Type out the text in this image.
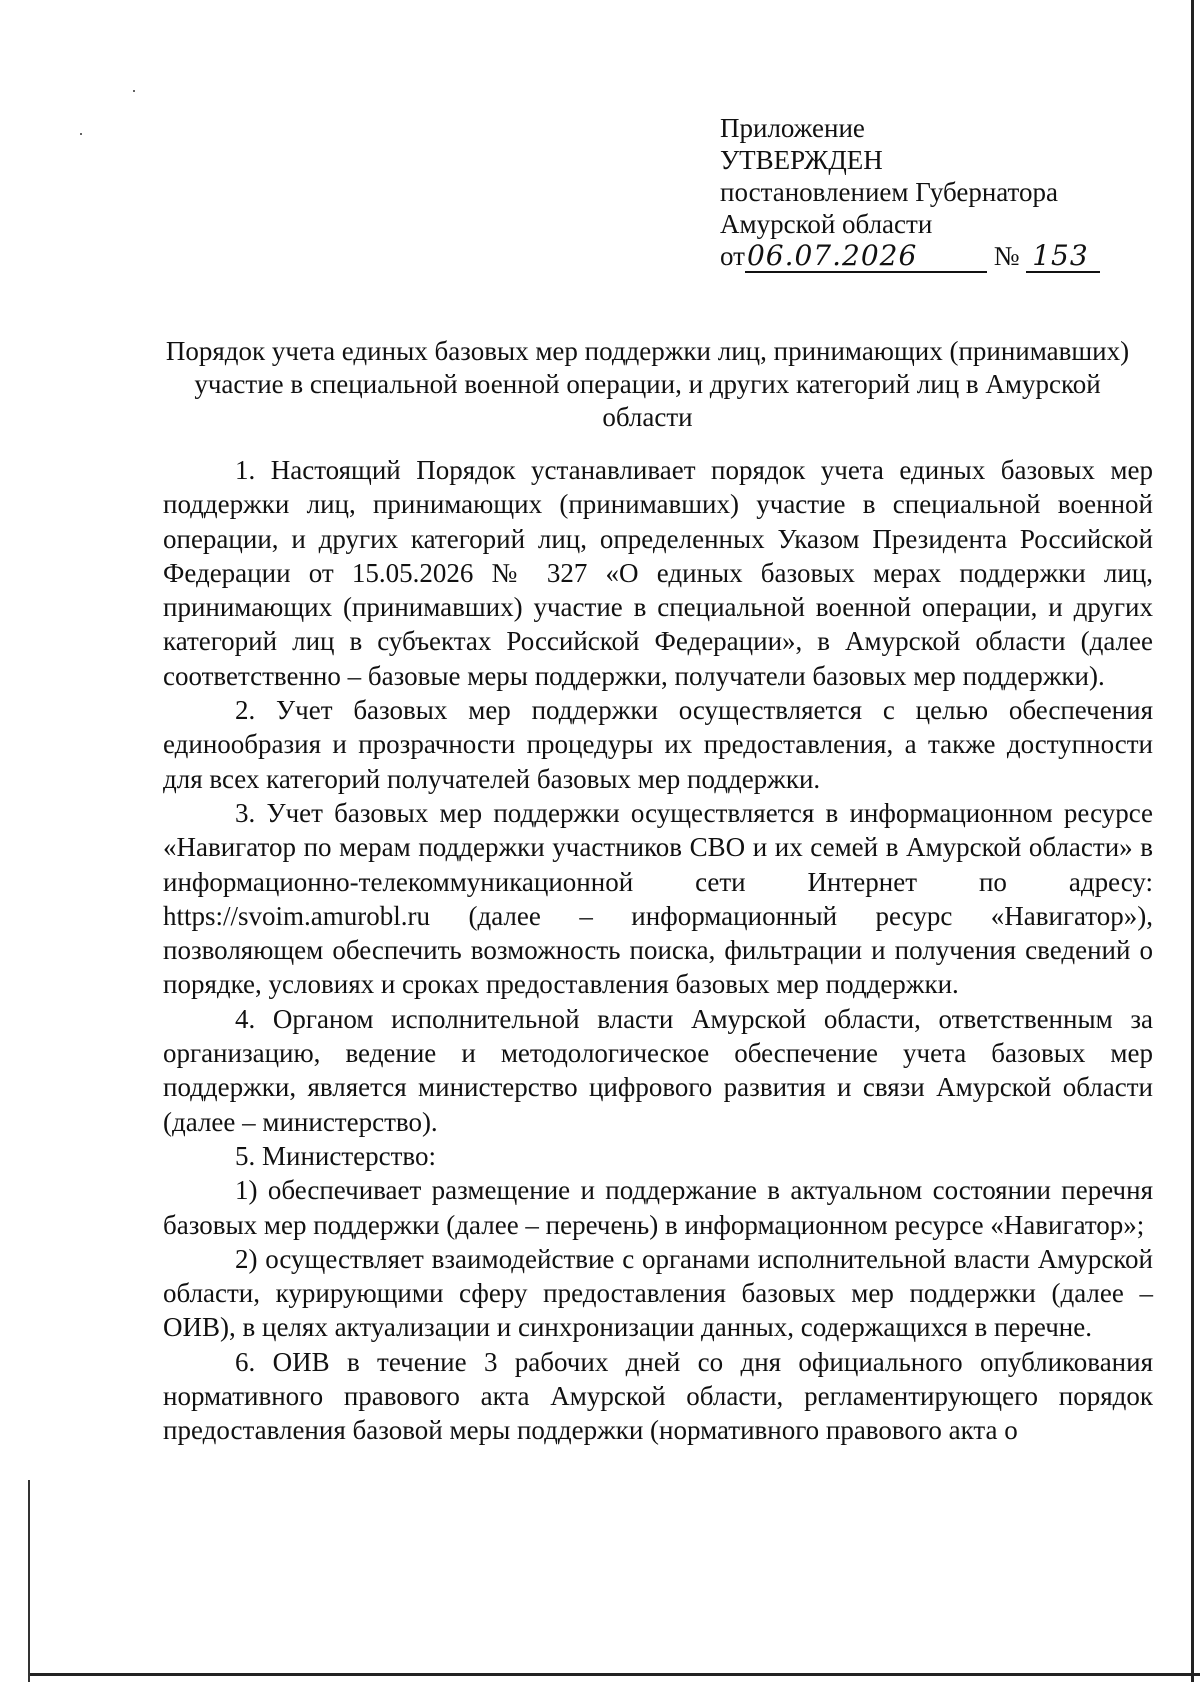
Приложение
УТВЕРЖДЕН
постановлением Губернатора
Амурской области
от06.07.2026	№ 153
Порядок учета единых базовых мер поддержки лиц, принимающих (принимавших) участие в специальной военной операции, и других категорий лиц в Амурской области

1. Настоящий Порядок устанавливает порядок учета единых базовых мер поддержки лиц, принимающих (принимавших) участие в специальной военной операции, и других категорий лиц, определенных Указом Президента Российской Федерации от 15.05.2026 № 327 «О единых базовых мерах поддержки лиц, принимающих (принимавших) участие в специальной военной операции, и других категорий лиц в субъектах Российской Федерации», в Амурской области (далее соответственно – базовые меры поддержки, получатели базовых мер поддержки).

2. Учет базовых мер поддержки осуществляется с целью обеспечения единообразия и прозрачности процедуры их предоставления, а также доступности для всех категорий получателей базовых мер поддержки.

3. Учет базовых мер поддержки осуществляется в информационном ресурсе «Навигатор по мерам поддержки участников СВО и их семей в Амурской области» в информационно-телекоммуникационной сети Интернет по адресу: https://svoim.amurobl.ru (далее – информационный ресурс «Навигатор»), позволяющем обеспечить возможность поиска, фильтрации и получения сведений о порядке, условиях и сроках предоставления базовых мер поддержки.

4. Органом исполнительной власти Амурской области, ответственным за организацию, ведение и методологическое обеспечение учета базовых мер поддержки, является министерство цифрового развития и связи Амурской области (далее – министерство).

5. Министерство:

1) обеспечивает размещение и поддержание в актуальном состоянии перечня базовых мер поддержки (далее – перечень) в информационном ресурсе «Навигатор»;

2) осуществляет взаимодействие с органами исполнительной власти Амурской области, курирующими сферу предоставления базовых мер поддержки (далее – ОИВ), в целях актуализации и синхронизации данных, содержащихся в перечне.

6. ОИВ в течение 3 рабочих дней со дня официального опубликования нормативного правового акта Амурской области, регламентирующего порядок предоставления базовой меры поддержки (нормативного правового акта о
